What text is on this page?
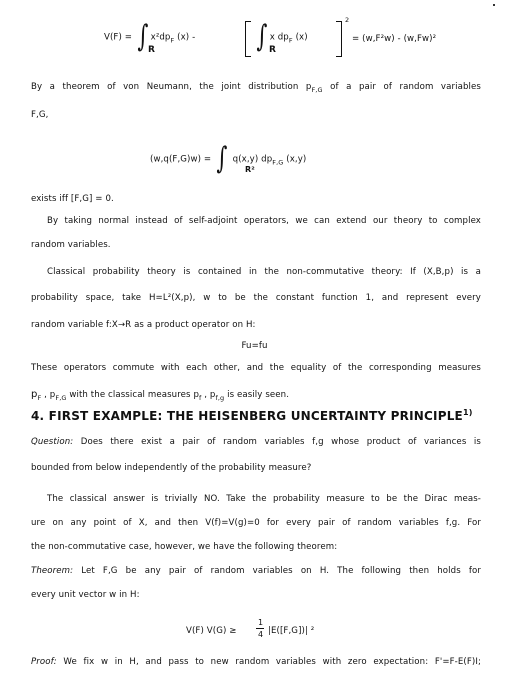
V(F) = ∫ $x^2dp_F$ (x) -
R	∫ x $dp_F$ (x)
R
2
= (w,F²w) - (w,Fw)²
By a theorem of von Neumann, the joint distribution $p_{F,G}$ of a pair of random variables
F,G,
(w,q(F,G)w) = ∫ q(x,y) $dp_{F,G}$ (x,y)
R²
exists iff [F,G] = 0.
By taking normal instead of self-adjoint operators, we can extend our theory to complex
random variables.
Classical probability theory is contained in the non-commutative theory: If (X,B,p) is a
probability space, take H=L²(X,p), w to be the constant function 1, and represent every
random variable f:X→R as a product operator on H:
Fu=fu
These operators commute with each other, and the equality of the corresponding measures
$p_F$ , $p_{F,G}$ with the classical measures $p_f$ , $p_{f,g}$ is easily seen.
4. FIRST EXAMPLE: THE HEISENBERG UNCERTAINTY PRINCIPLE$^{1)}$
Question: Does there exist a pair of random variables f,g whose product of variances is
bounded from below independently of the probability measure?
The classical answer is trivially NO. Take the probability measure to be the Dirac meas-
ure on any point of X, and then V(f)=V(g)=0 for every pair of random variables f,g. For
the non-commutative case, however, we have the following theorem:
Theorem: Let F,G be any pair of random variables on H. The following then holds for
every unit vector w in H:
V(F) V(G) ≥
1
4 |E([F,G])| ²
Proof: We fix w in H, and pass to new random variables with zero expectation: F'=F-E(F)I;
